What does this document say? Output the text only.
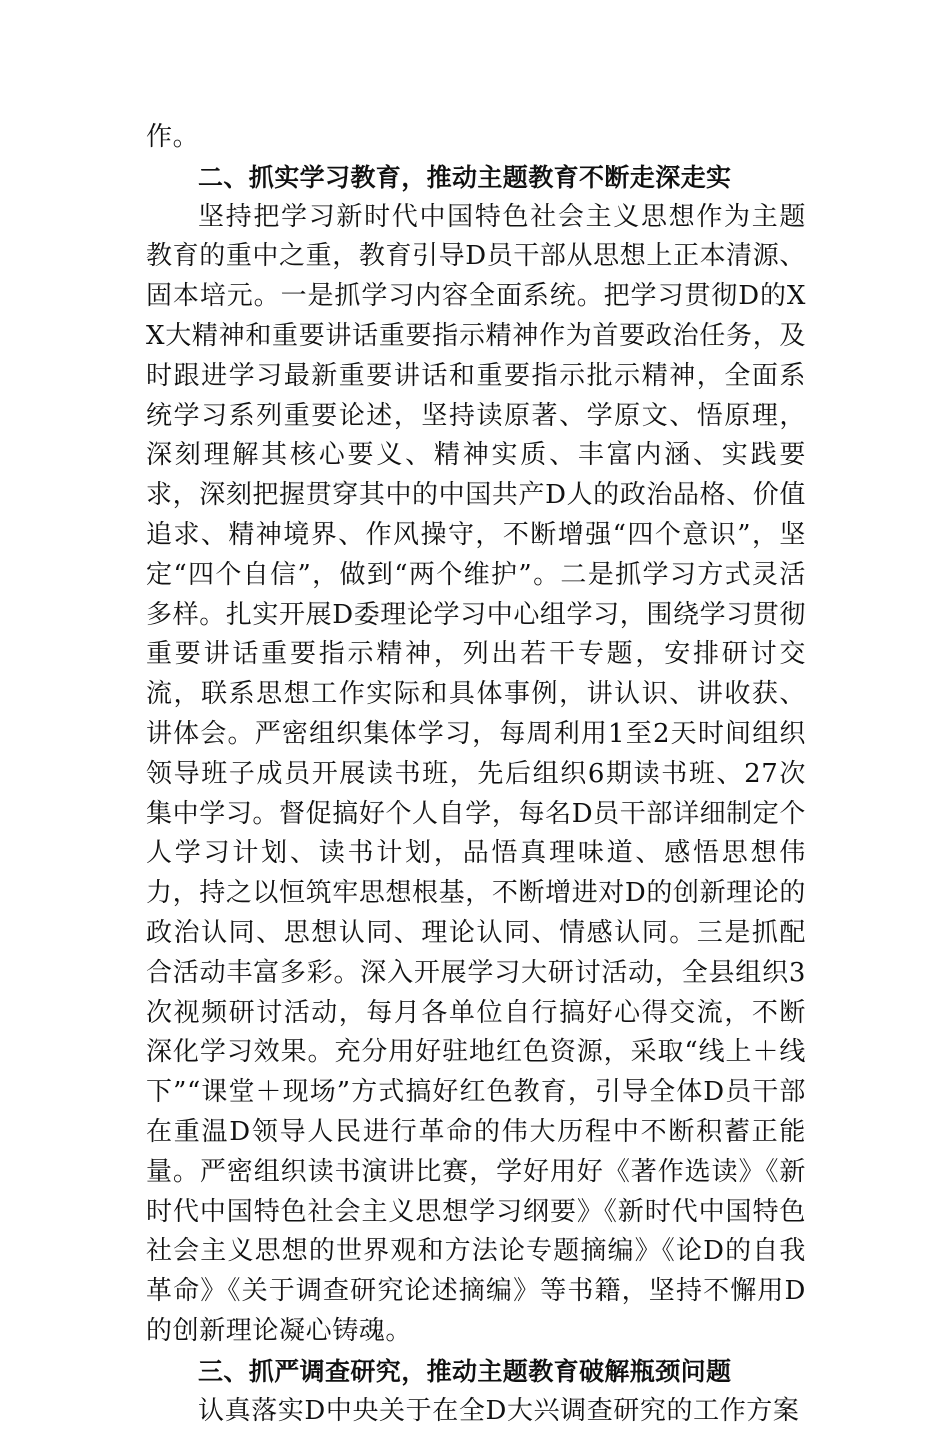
作。

二、抓实学习教育，推动主题教育不断走深走实

坚持把学习新时代中国特色社会主义思想作为主题教育的重中之重，教育引导D员干部从思想上正本清源、固本培元。一是抓学习内容全面系统。把学习贯彻D的XX大精神和重要讲话重要指示精神作为首要政治任务，及时跟进学习最新重要讲话和重要指示批示精神，全面系统学习系列重要论述，坚持读原著、学原文、悟原理，深刻理解其核心要义、精神实质、丰富内涵、实践要求，深刻把握贯穿其中的中国共产D人的政治品格、价值追求、精神境界、作风操守，不断增强“四个意识”，坚定“四个自信”，做到“两个维护”。二是抓学习方式灵活多样。扎实开展D委理论学习中心组学习，围绕学习贯彻重要讲话重要指示精神，列出若干专题，安排研讨交流，联系思想工作实际和具体事例，讲认识、讲收获、讲体会。严密组织集体学习，每周利用1至2天时间组织领导班子成员开展读书班，先后组织6期读书班、27次集中学习。督促搞好个人自学，每名D员干部详细制定个人学习计划、读书计划，品悟真理味道、感悟思想伟力，持之以恒筑牢思想根基，不断增进对D的创新理论的政治认同、思想认同、理论认同、情感认同。三是抓配合活动丰富多彩。深入开展学习大研讨活动，全县组织3次视频研讨活动，每月各单位自行搞好心得交流，不断深化学习效果。充分用好驻地红色资源，采取“线上＋线下”“课堂＋现场”方式搞好红色教育，引导全体D员干部在重温D领导人民进行革命的伟大历程中不断积蓄正能量。严密组织读书演讲比赛，学好用好《著作选读》《新时代中国特色社会主义思想学习纲要》《新时代中国特色社会主义思想的世界观和方法论专题摘编》《论D的自我革命》《关于调查研究论述摘编》等书籍，坚持不懈用D的创新理论凝心铸魂。

三、抓严调查研究，推动主题教育破解瓶颈问题

认真落实D中央关于在全D大兴调查研究的工作方案
